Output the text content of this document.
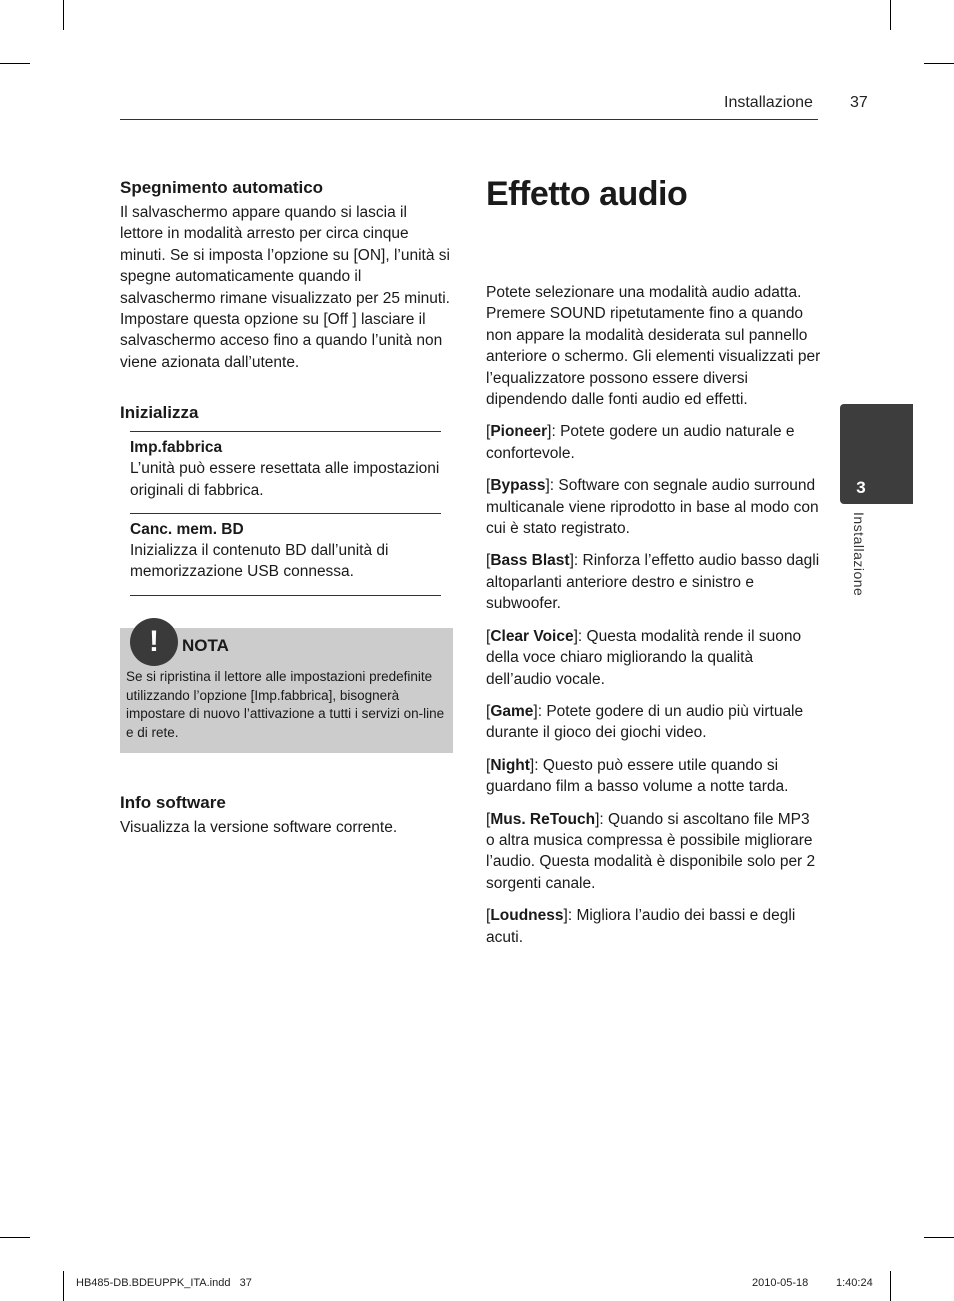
Installazione 37
Spegnimento automatico

Il salvaschermo appare quando si lascia il lettore in modalità arresto per circa cinque minuti. Se si imposta l’opzione su [ON], l’unità si spegne automaticamente quando il salvaschermo rimane visualizzato per 25 minuti. Impostare questa opzione su [Off ] lasciare il salvaschermo acceso fino a quando l’unità non viene azionata dall’utente.

Inizializza
Imp.fabbrica
L’unità può essere resettata alle impostazioni originali di fabbrica.
Canc. mem. BD
Inizializza il contenuto BD dall’unità di memorizzazione USB connessa.
!	NOTA
Se si ripristina il lettore alle impostazioni predefinite utilizzando l’opzione [Imp.fabbrica], bisognerà impostare di nuovo l’attivazione a tutti i servizi on-line e di rete.
Info software

Visualizza la versione software corrente.

Effetto audio

Potete selezionare una modalità audio adatta. Premere SOUND ripetutamente fino a quando non appare la modalità desiderata sul pannello anteriore o schermo. Gli elementi visualizzati per l’equalizzatore possono essere diversi dipendendo dalle fonti audio ed effetti.

[Pioneer]: Potete godere un audio naturale e confortevole.

[Bypass]: Software con segnale audio surround multicanale viene riprodotto in base al modo con cui è stato registrato.

[Bass Blast]: Rinforza l’effetto audio basso dagli altoparlanti anteriore destro e sinistro e subwoofer.

[Clear Voice]: Questa modalità rende il suono della voce chiaro migliorando la qualità dell’audio vocale.

[Game]: Potete godere di un audio più virtuale durante il gioco dei giochi video.

[Night]: Questo può essere utile quando si guardano film a basso volume a notte tarda.

[Mus. ReTouch]: Quando si ascoltano file MP3 o altra musica compressa è possibile migliorare l’audio. Questa modalità è disponibile solo per 2 sorgenti canale.

[Loudness]: Migliora l’audio dei bassi e degli acuti.

3
Installazione
HB485-DB.BDEUPPK_ITA.indd   37	2010-05-18	1:40:24
